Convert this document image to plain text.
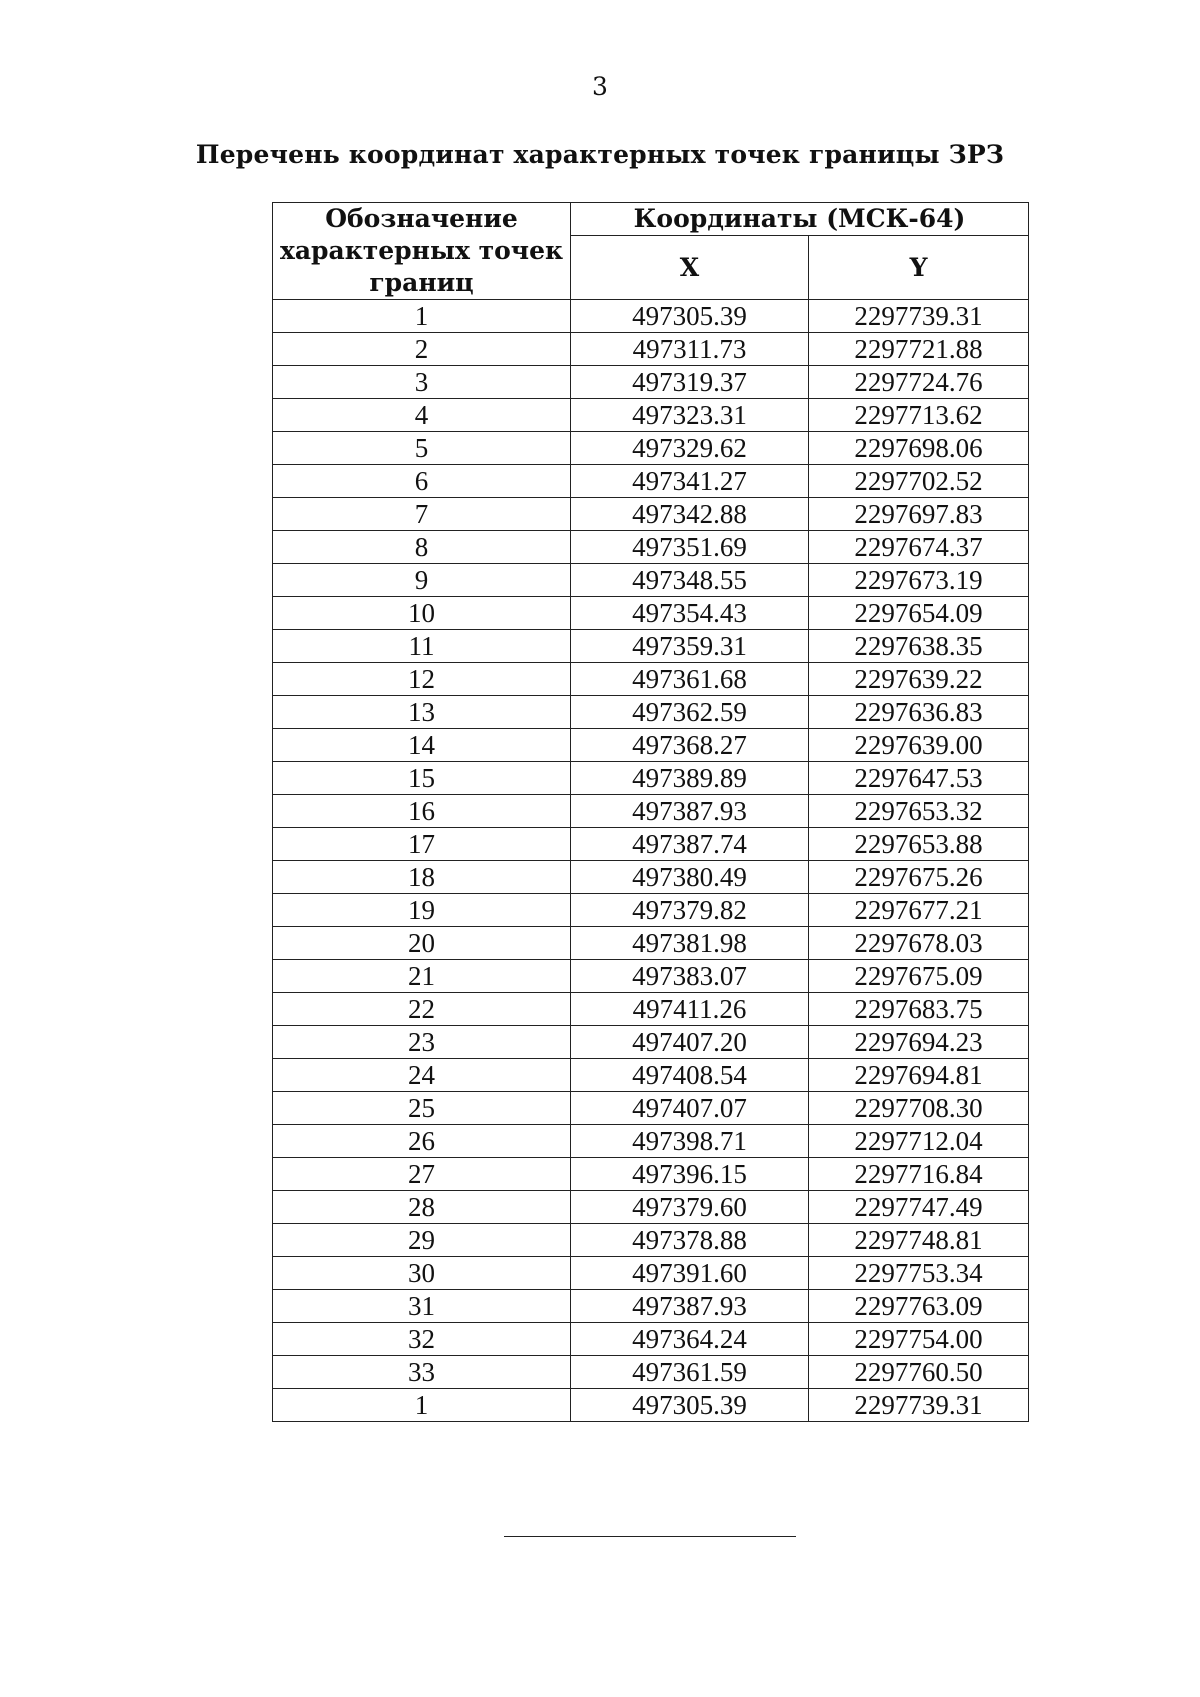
3
Перечень координат характерных точек границы ЗРЗ
Обозначение характерных точек границ	Координаты (МСК-64)	
	X	Y
1	497305.39	2297739.31
2	497311.73	2297721.88
3	497319.37	2297724.76
4	497323.31	2297713.62
5	497329.62	2297698.06
6	497341.27	2297702.52
7	497342.88	2297697.83
8	497351.69	2297674.37
9	497348.55	2297673.19
10	497354.43	2297654.09
11	497359.31	2297638.35
12	497361.68	2297639.22
13	497362.59	2297636.83
14	497368.27	2297639.00
15	497389.89	2297647.53
16	497387.93	2297653.32
17	497387.74	2297653.88
18	497380.49	2297675.26
19	497379.82	2297677.21
20	497381.98	2297678.03
21	497383.07	2297675.09
22	497411.26	2297683.75
23	497407.20	2297694.23
24	497408.54	2297694.81
25	497407.07	2297708.30
26	497398.71	2297712.04
27	497396.15	2297716.84
28	497379.60	2297747.49
29	497378.88	2297748.81
30	497391.60	2297753.34
31	497387.93	2297763.09
32	497364.24	2297754.00
33	497361.59	2297760.50
1	497305.39	2297739.31
